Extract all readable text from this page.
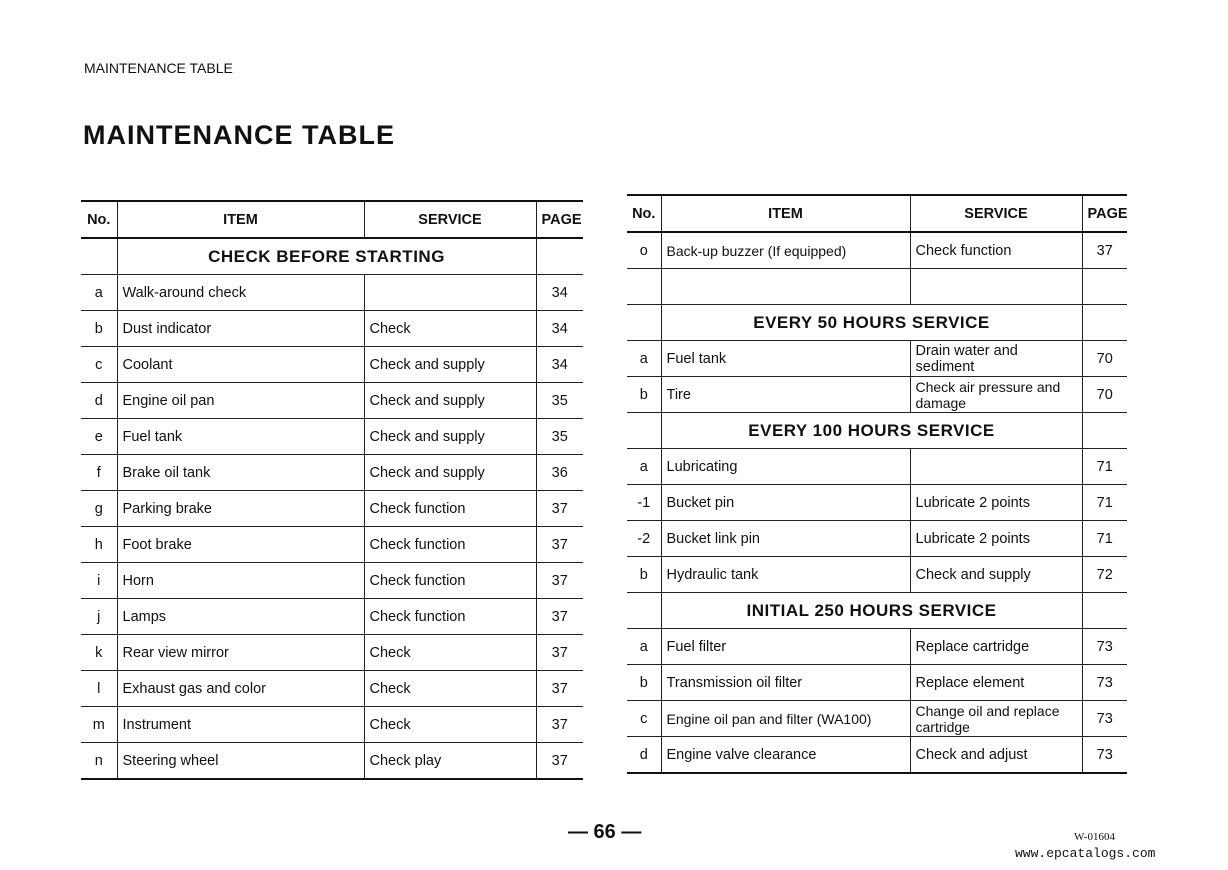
MAINTENANCE TABLE
MAINTENANCE TABLE
No.	ITEM	SERVICE	PAGE
	CHECK BEFORE STARTING		
a	Walk-around check		34
b	Dust indicator	Check	34
c	Coolant	Check and supply	34
d	Engine oil pan	Check and supply	35
e	Fuel tank	Check and supply	35
f	Brake oil tank	Check and supply	36
g	Parking brake	Check function	37
h	Foot brake	Check function	37
i	Horn	Check function	37
j	Lamps	Check function	37
k	Rear view mirror	Check	37
l	Exhaust gas and color	Check	37
m	Instrument	Check	37
n	Steering wheel	Check play	37
No.	ITEM	SERVICE	PAGE
o	Back-up buzzer (If equipped)	Check function	37

	EVERY 50 HOURS SERVICE		
a	Fuel tank	Drain water and sediment	70
b	Tire	Check air pressure and damage	70
	EVERY 100 HOURS SERVICE		
a	Lubricating		71
-1	Bucket pin	Lubricate 2 points	71
-2	Bucket link pin	Lubricate 2 points	71
b	Hydraulic tank	Check and supply	72
	INITIAL 250 HOURS SERVICE		
a	Fuel filter	Replace cartridge	73
b	Transmission oil filter	Replace element	73
c	Engine oil pan and filter (WA100)	Change oil and replace cartridge	73
d	Engine valve clearance	Check and adjust	73
— 66 —	W-01604
www.epcatalogs.com
